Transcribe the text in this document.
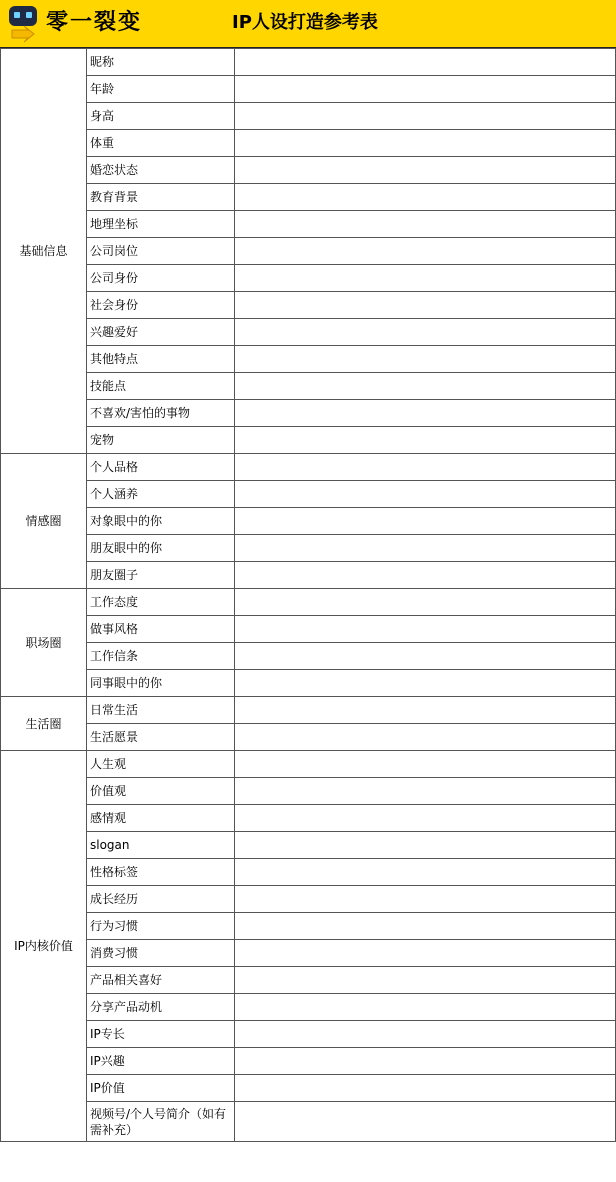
零一裂变	IP人设打造参考表
基础信息	昵称	
	年龄	
	身高	
	体重	
	婚恋状态	
	教育背景	
	地理坐标	
	公司岗位	
	公司身份	
	社会身份	
	兴趣爱好	
	其他特点	
	技能点	
	不喜欢/害怕的事物	
	宠物	
情感圈	个人品格	
	个人涵养	
	对象眼中的你	
	朋友眼中的你	
	朋友圈子	
职场圈	工作态度	
	做事风格	
	工作信条	
	同事眼中的你	
生活圈	日常生活	
	生活愿景	
IP内核价值	人生观	
	价值观	
	感情观	
	slogan	
	性格标签	
	成长经历	
	行为习惯	
	消费习惯	
	产品相关喜好	
	分享产品动机	
	IP专长	
	IP兴趣	
	IP价值	
	视频号/个人号简介（如有需补充）	
